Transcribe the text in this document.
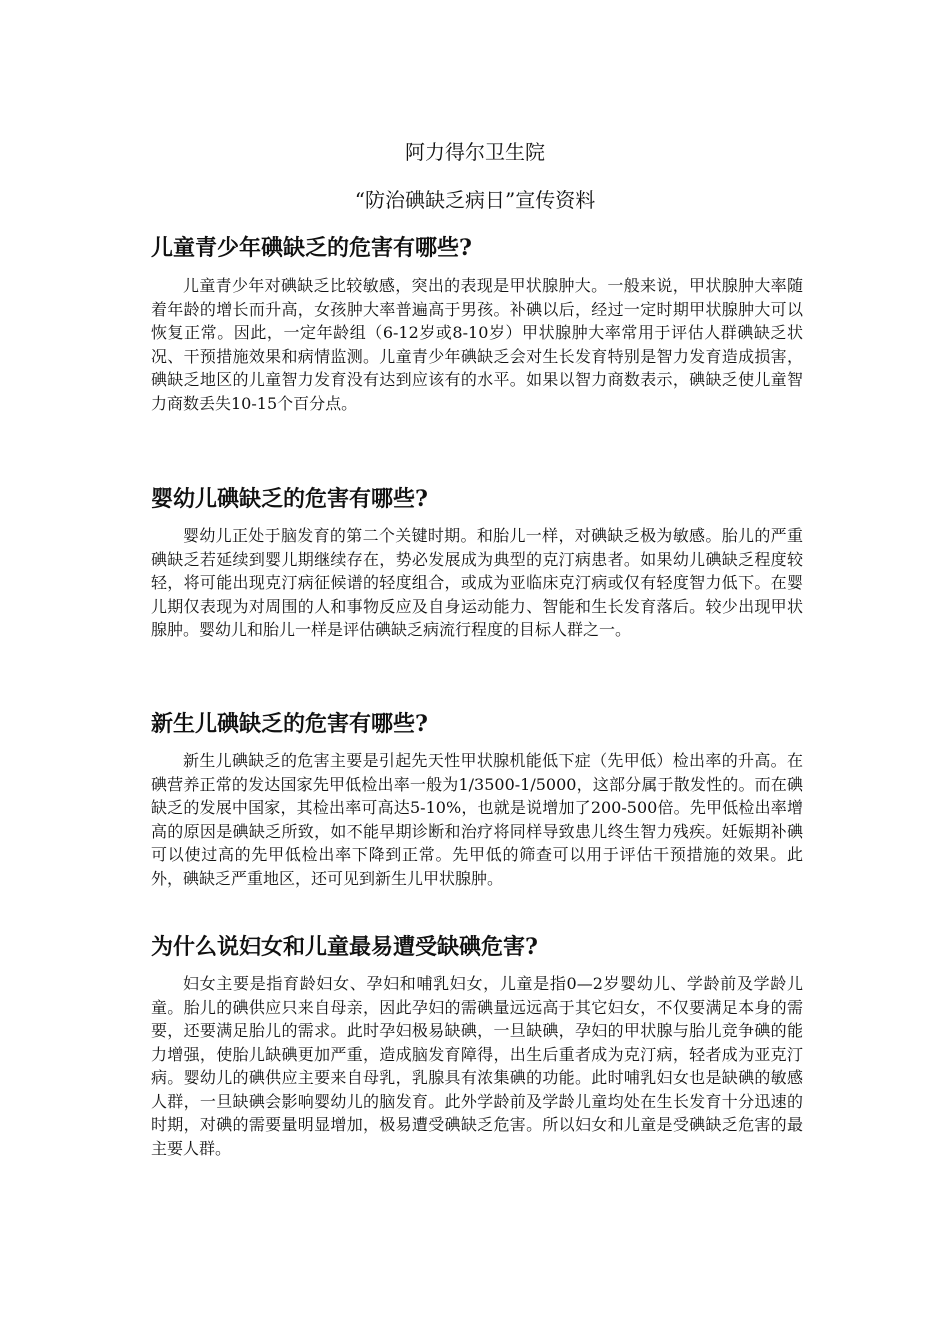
阿力得尔卫生院
“防治碘缺乏病日”宣传资料
儿童青少年碘缺乏的危害有哪些?

儿童青少年对碘缺乏比较敏感，突出的表现是甲状腺肿大。一般来说，甲状腺肿大率随着年龄的增长而升高，女孩肿大率普遍高于男孩。补碘以后，经过一定时期甲状腺肿大可以恢复正常。因此，一定年龄组（6-12岁或8-10岁）甲状腺肿大率常用于评估人群碘缺乏状况、干预措施效果和病情监测。儿童青少年碘缺乏会对生长发育特别是智力发育造成损害，碘缺乏地区的儿童智力发育没有达到应该有的水平。如果以智力商数表示，碘缺乏使儿童智力商数丢失10-15个百分点。

婴幼儿碘缺乏的危害有哪些?

婴幼儿正处于脑发育的第二个关键时期。和胎儿一样，对碘缺乏极为敏感。胎儿的严重碘缺乏若延续到婴儿期继续存在，势必发展成为典型的克汀病患者。如果幼儿碘缺乏程度较轻，将可能出现克汀病征候谱的轻度组合，或成为亚临床克汀病或仅有轻度智力低下。在婴儿期仅表现为对周围的人和事物反应及自身运动能力、智能和生长发育落后。较少出现甲状腺肿。婴幼儿和胎儿一样是评估碘缺乏病流行程度的目标人群之一。

新生儿碘缺乏的危害有哪些?

新生儿碘缺乏的危害主要是引起先天性甲状腺机能低下症（先甲低）检出率的升高。在碘营养正常的发达国家先甲低检出率一般为1/3500-1/5000，这部分属于散发性的。而在碘缺乏的发展中国家，其检出率可高达5-10%，也就是说增加了200-500倍。先甲低检出率增高的原因是碘缺乏所致，如不能早期诊断和治疗将同样导致患儿终生智力残疾。妊娠期补碘可以使过高的先甲低检出率下降到正常。先甲低的筛查可以用于评估干预措施的效果。此外，碘缺乏严重地区，还可见到新生儿甲状腺肿。

为什么说妇女和儿童最易遭受缺碘危害?

妇女主要是指育龄妇女、孕妇和哺乳妇女，儿童是指0—2岁婴幼儿、学龄前及学龄儿童。胎儿的碘供应只来自母亲，因此孕妇的需碘量远远高于其它妇女，不仅要满足本身的需要，还要满足胎儿的需求。此时孕妇极易缺碘，一旦缺碘，孕妇的甲状腺与胎儿竞争碘的能力增强，使胎儿缺碘更加严重，造成脑发育障得，出生后重者成为克汀病，轻者成为亚克汀病。婴幼儿的碘供应主要来自母乳，乳腺具有浓集碘的功能。此时哺乳妇女也是缺碘的敏感人群，一旦缺碘会影响婴幼儿的脑发育。此外学龄前及学龄儿童均处在生长发育十分迅速的时期，对碘的需要量明显增加，极易遭受碘缺乏危害。所以妇女和儿童是受碘缺乏危害的最主要人群。
